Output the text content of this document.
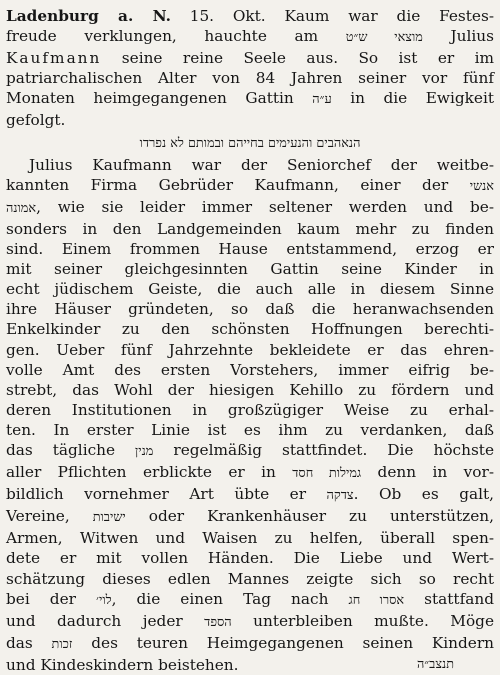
Ladenburg a. N. 15. Okt. Kaum war die Festes-
freude verklungen, hauchte am מוצאי ש״ט Julius
Kaufmann seine reine Seele aus. So ist er im
patriarchalischen Alter von 84 Jahren seiner vor fünf
Monaten heimgegangenen Gattin ע״ה in die Ewigkeit
gefolgt.
הנאהבים והנעימים בחייהם ובמותם לא נפרדו
Julius Kaufmann war der Seniorchef der weitbe-
kannten Firma Gebrüder Kaufmann, einer der אנשי
אמונה, wie sie leider immer seltener werden und be-
sonders in den Landgemeinden kaum mehr zu finden
sind. Einem frommen Hause entstammend, erzog er
mit seiner gleichgesinnten Gattin seine Kinder in
echt jüdischem Geiste, die auch alle in diesem Sinne
ihre Häuser gründeten, so daß die heranwachsenden
Enkelkinder zu den schönsten Hoffnungen berechti-
gen. Ueber fünf Jahrzehnte bekleidete er das ehren-
volle Amt des ersten Vorstehers, immer eifrig be-
strebt, das Wohl der hiesigen Kehillo zu fördern und
deren Institutionen in großzügiger Weise zu erhal-
ten. In erster Linie ist es ihm zu verdanken, daß
das tägliche מנין regelmäßig stattfindet. Die höchste
aller Pflichten erblickte er in גמילות חסד denn in vor-
bildlich vornehmer Art übte er צדקה. Ob es galt,
Vereine, ישיבות oder Krankenhäuser zu unterstützen,
Armen, Witwen und Waisen zu helfen, überall spen-
dete er mit vollen Händen. Die Liebe und Wert-
schätzung dieses edlen Mannes zeigte sich so recht
bei der לוי׳, die einen Tag nach אסרו חג stattfand
und dadurch jeder הספד unterbleiben mußte. Möge
das זכות des teuren Heimgegangenen seinen Kindern
und Kindeskindern beistehen.	תנצב״ה
